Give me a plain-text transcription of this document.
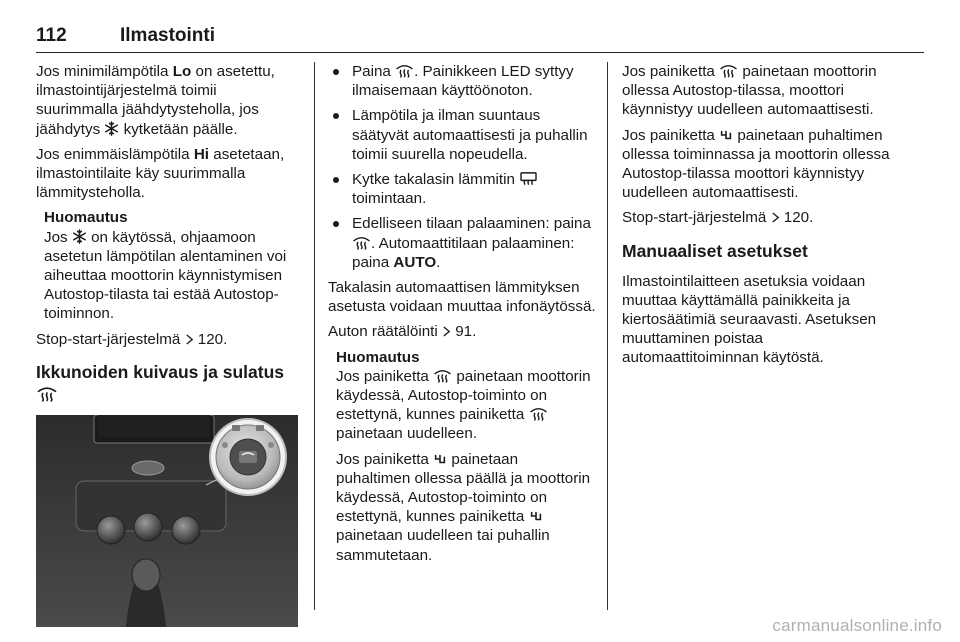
112	Ilmastointi

Jos minimilämpötila Lo on asetettu, ilmastointijärjestelmä toimii suurimmalla jäähdytysteholla, jos jäähdytys  kytketään päälle.

Jos enimmäislämpötila Hi asetetaan, ilmastointilaite käy suurimmalla lämmitysteholla.

Huomautus
Jos  on käytössä, ohjaamoon asetetun lämpötilan alentaminen voi aiheuttaa moottorin käynnistymisen Autostop-tilasta tai estää Autostop-toiminnon.

Stop-start-järjestelmä  120.

Ikkunoiden kuivaus ja sulatus
Paina . Painikkeen LED syttyy ilmaisemaan käyttöönoton.
Lämpötila ja ilman suuntaus säätyvät automaattisesti ja puhallin toimii suurella nopeudella.
Kytke takalasin lämmitin  toimintaan.
Edelliseen tilaan palaaminen: paina . Automaattitilaan palaaminen: paina AUTO.

Takalasin automaattisen lämmityksen asetusta voidaan muuttaa infonäytössä.

Auton räätälöinti  91.

Huomautus

Jos painiketta  painetaan moottorin käydessä, Autostop-toiminto on estettynä, kunnes painiketta  painetaan uudelleen.

Jos painiketta  painetaan puhaltimen ollessa päällä ja moottorin käydessä, Autostop-toiminto on estettynä, kunnes painiketta  painetaan uudelleen tai puhallin sammutetaan.

Jos painiketta  painetaan moottorin ollessa Autostop-tilassa, moottori käynnistyy uudelleen automaattisesti.

Jos painiketta  painetaan puhaltimen ollessa toiminnassa ja moottorin ollessa Autostop-tilassa moottori käynnistyy uudelleen automaattisesti.

Stop-start-järjestelmä  120.

Manuaaliset asetukset

Ilmastointilaitteen asetuksia voidaan muuttaa käyttämällä painikkeita ja kiertosäätimiä seuraavasti. Asetuksen muuttaminen poistaa automaattitoiminnan käytöstä.

carmanualsonline.info
